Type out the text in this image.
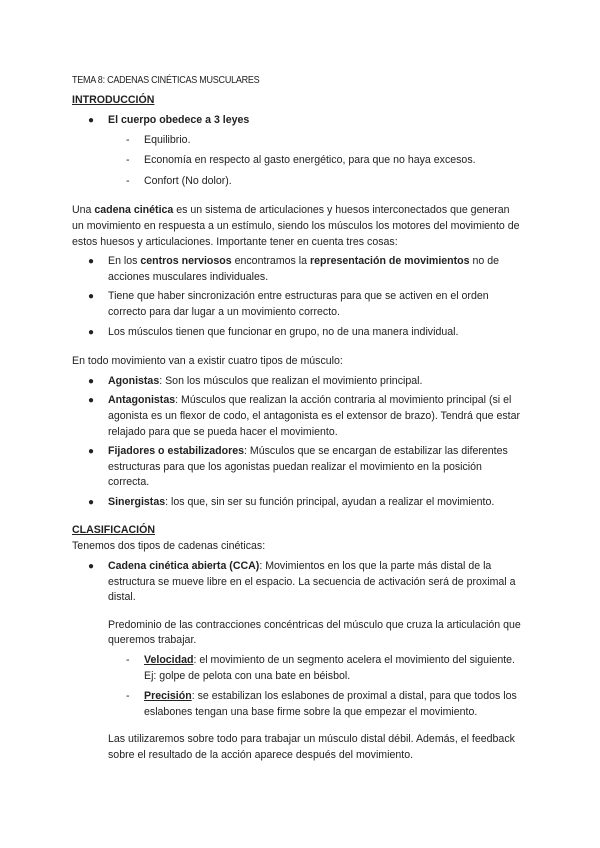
TEMA 8: CADENAS CINÉTICAS MUSCULARES
INTRODUCCIÓN
● El cuerpo obedece a 3 leyes
- Equilibrio.
- Economía en respecto al gasto energético, para que no haya excesos.
- Confort (No dolor).

Una cadena cinética es un sistema de articulaciones y huesos interconectados que generan un movimiento en respuesta a un estímulo, siendo los músculos los motores del movimiento de estos huesos y articulaciones. Importante tener en cuenta tres cosas:

● En los centros nerviosos encontramos la representación de movimientos no de acciones musculares individuales.
● Tiene que haber sincronización entre estructuras para que se activen en el orden correcto para dar lugar a un movimiento correcto.
● Los músculos tienen que funcionar en grupo, no de una manera individual.

En todo movimiento van a existir cuatro tipos de músculo:

● Agonistas: Son los músculos que realizan el movimiento principal.
● Antagonistas: Músculos que realizan la acción contraria al movimiento principal (si el agonista es un flexor de codo, el antagonista es el extensor de brazo). Tendrá que estar relajado para que se pueda hacer el movimiento.
● Fijadores o estabilizadores: Músculos que se encargan de estabilizar las diferentes estructuras para que los agonistas puedan realizar el movimiento en la posición correcta.
● Sinergistas: los que, sin ser su función principal, ayudan a realizar el movimiento.
CLASIFICACIÓN

Tenemos dos tipos de cadenas cinéticas:

● Cadena cinética abierta (CCA): Movimientos en los que la parte más distal de la estructura se mueve libre en el espacio. La secuencia de activación será de proximal a distal.

Predominio de las contracciones concéntricas del músculo que cruza la articulación que queremos trabajar.

- Velocidad: el movimiento de un segmento acelera el movimiento del siguiente. Ej: golpe de pelota con una bate en béisbol.
- Precisión: se estabilizan los eslabones de proximal a distal, para que todos los eslabones tengan una base firme sobre la que empezar el movimiento.

Las utilizaremos sobre todo para trabajar un músculo distal débil. Además, el feedback sobre el resultado de la acción aparece después del movimiento.
